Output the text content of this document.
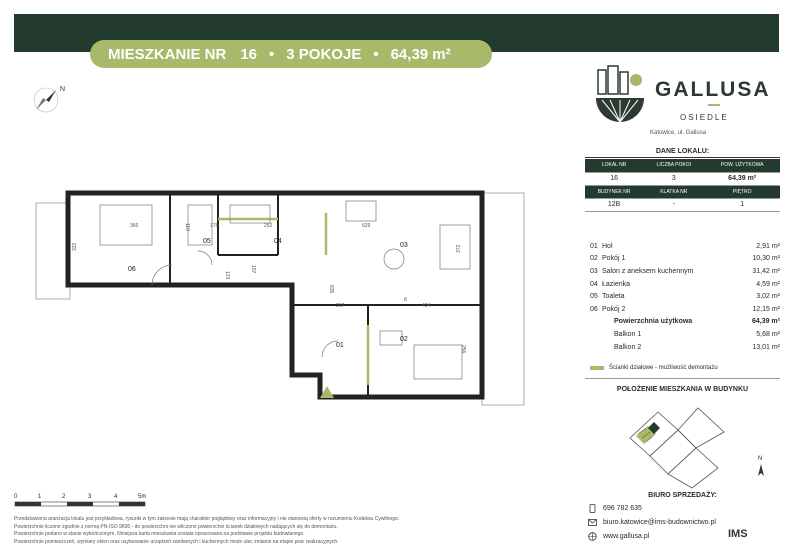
MIESZKANIE NR 16 • 3 POKOJE • 64,39 m²
N	GALLUSA
OSIEDLE
Katowice, ul. Gallusa
DANE LOKALU:
LOKAL NR	LICZBA POKOI	POW. UŻYTKOWA
16	3	64,39 m²
BUDYNEK NR	KLATKA NR	PIĘTRO
12B	-	1
01 Hol	2,91 m²
02 Pokój 1	10,30 m²
03 Salon z aneksem kuchennym	31,42 m²
04 Łazienka	4,59 m²
05 Toaleta	3,02 m²
06 Pokój 2	12,15 m²
Powierzchnia użytkowa	64,39 m²
Balkon 1	5,68 m²
Balkon 2	13,01 m²
Ścianki działowe - możliwość demontażu
POŁOŻENIE MIESZKANIA W BUDYNKU
N
BIURO SPRZEDAŻY:
696 782 635
biuro.katowice@ims-budownictwo.pl
www.gallusa.pl	IMS
05	04
03
06
02
01
366
332
178	252	629
372
404
256
217
635
123
110
107
8
0	1	2	3	4	5m
Przedstawiona aranżacja lokalu jest przykładowa, rysunki w tym zakresie mają charakter poglądowy oraz informacyjny i nie stanowią oferty w rozumieniu Kodeksu Cywilnego.
Powierzchnie liczone zgodnie z normą PN-ISO 9836 - do powierzchni nie wliczono powierzchni ścianek działowych nadających się do demontażu.
Powierzchnie podano w stanie wykończonym. Niniejsza karta mieszkania została opracowana na podstawie projektu budowlanego.
Powierzchnie pomieszczeń, wymiary okien oraz usytuowanie urządzeń sanitarnych i kuchennych może ulec zmianie na etapie prac realizacyjnych.
